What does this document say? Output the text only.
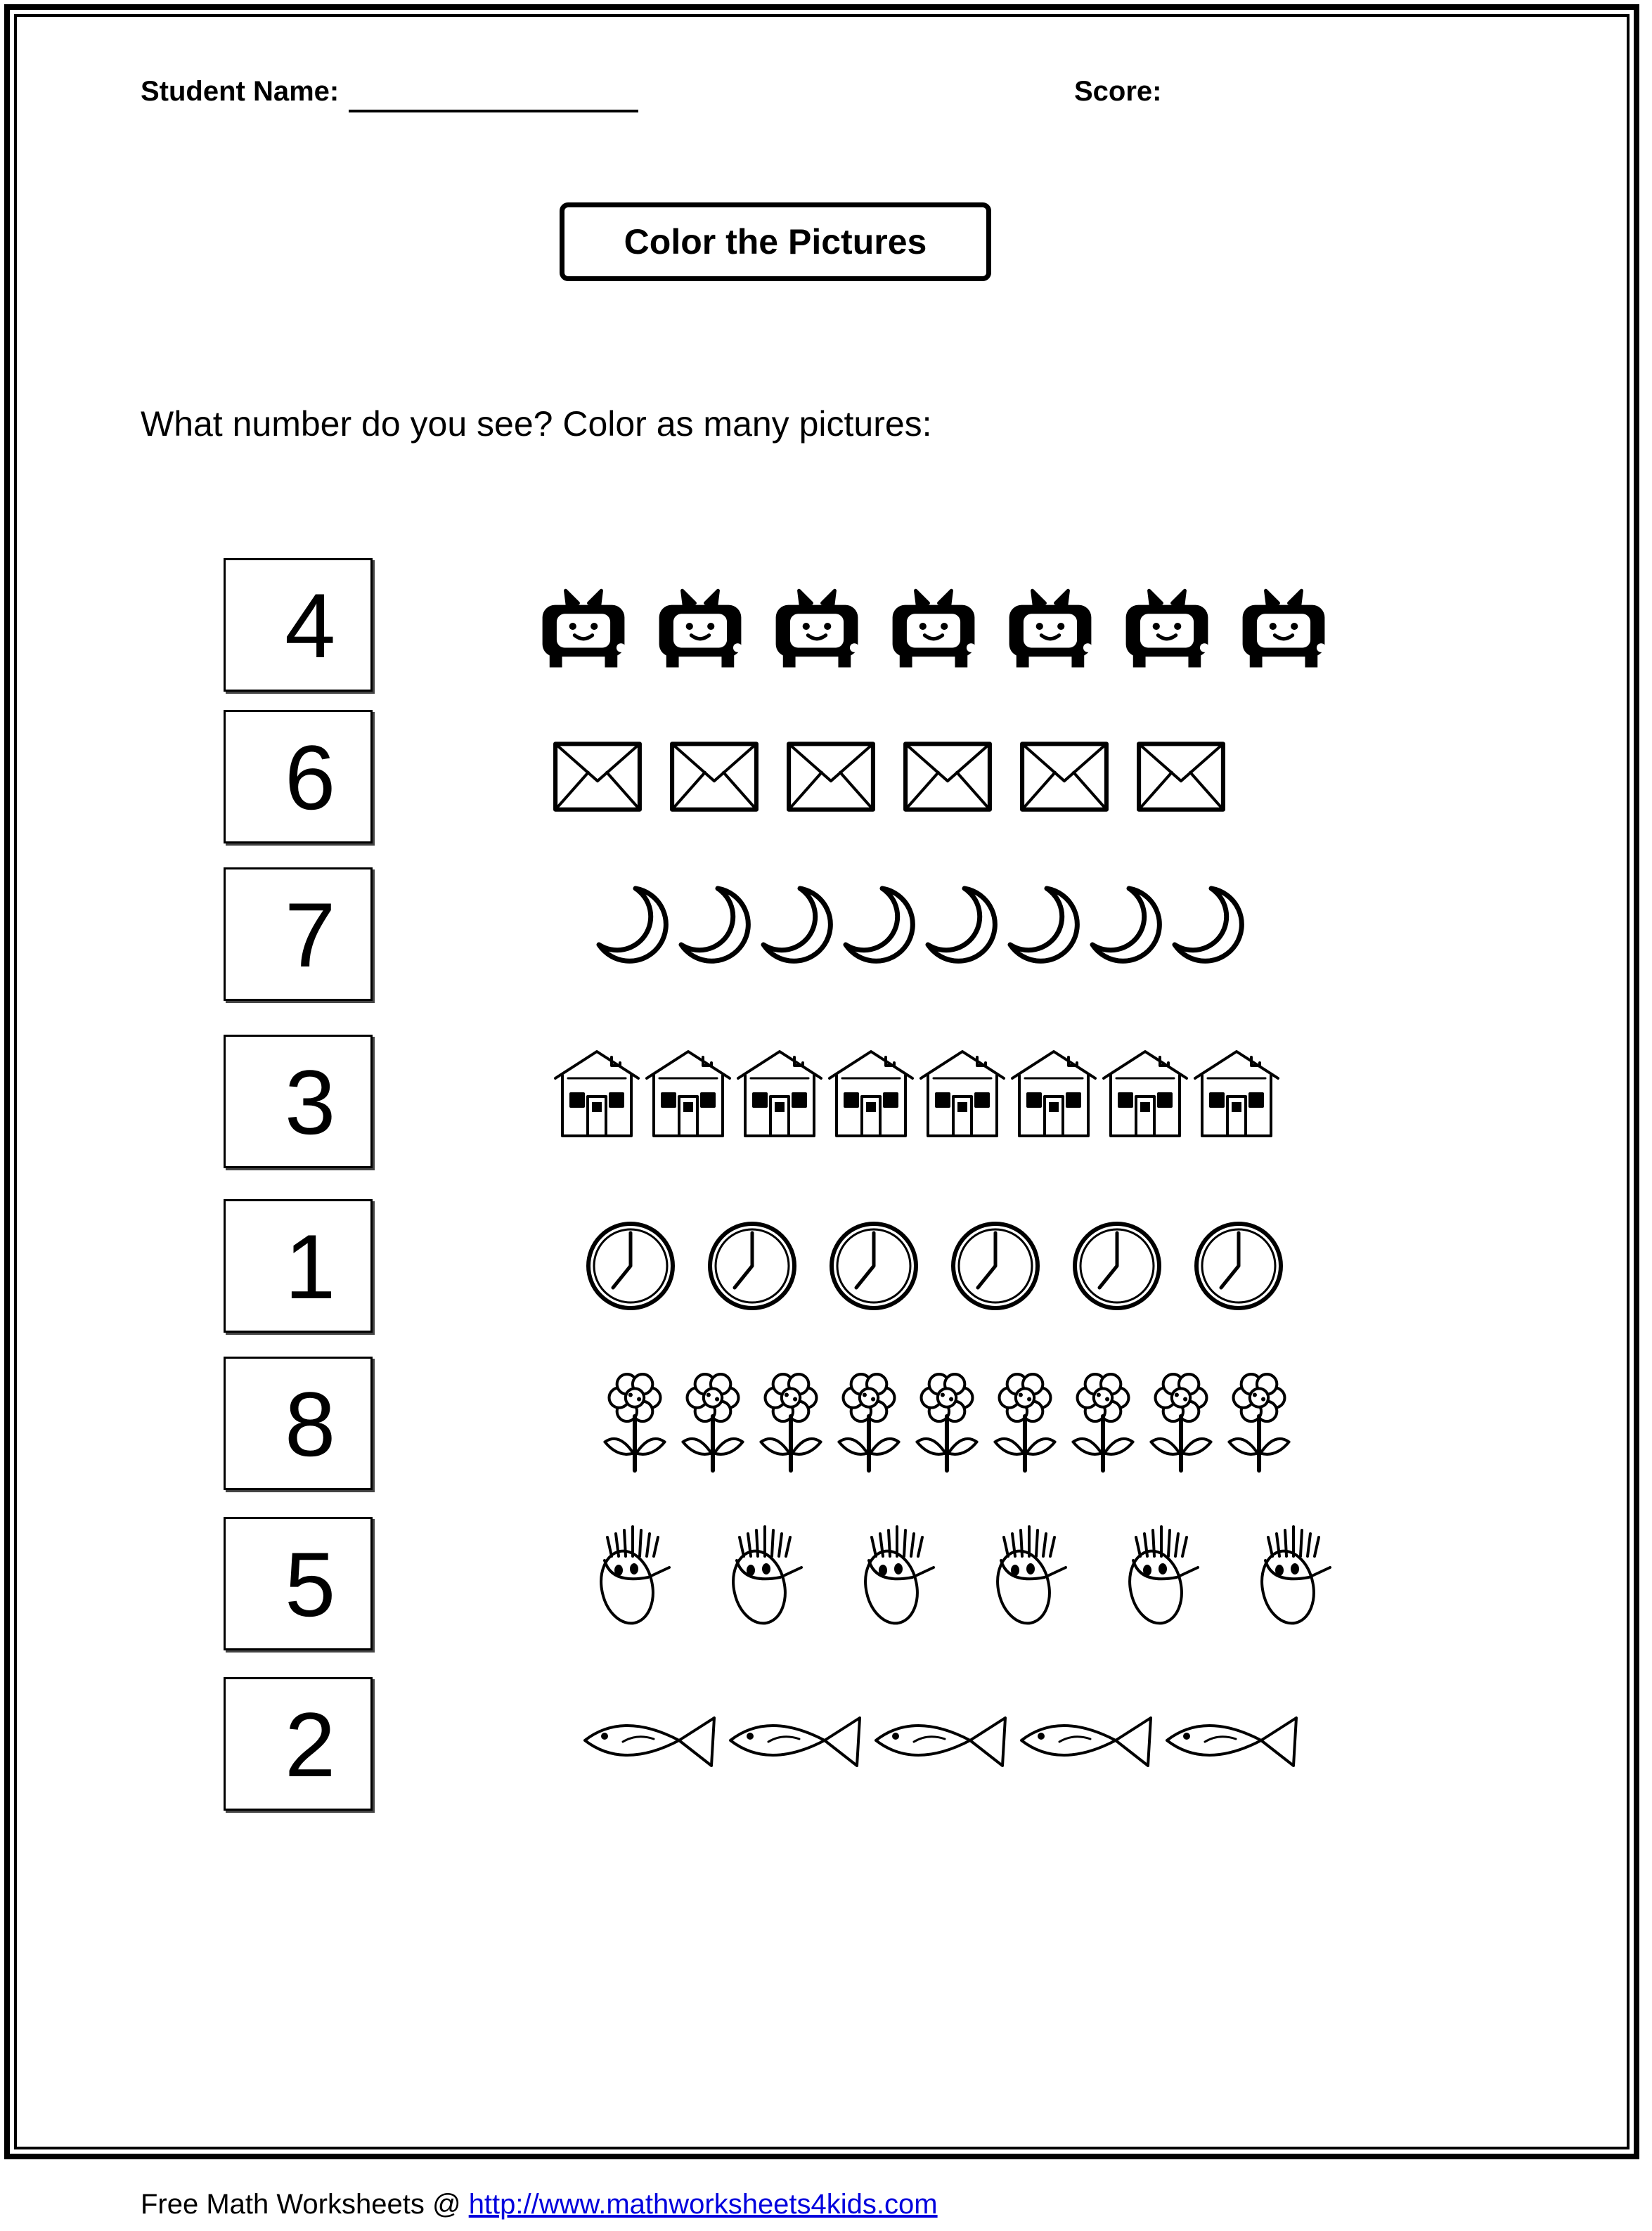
Student Name:	Score:
Color the Pictures
What number do you see? Color as many pictures:
4
6
7
3
1
8
5
2
Free Math Worksheets @ http://www.mathworksheets4kids.com
